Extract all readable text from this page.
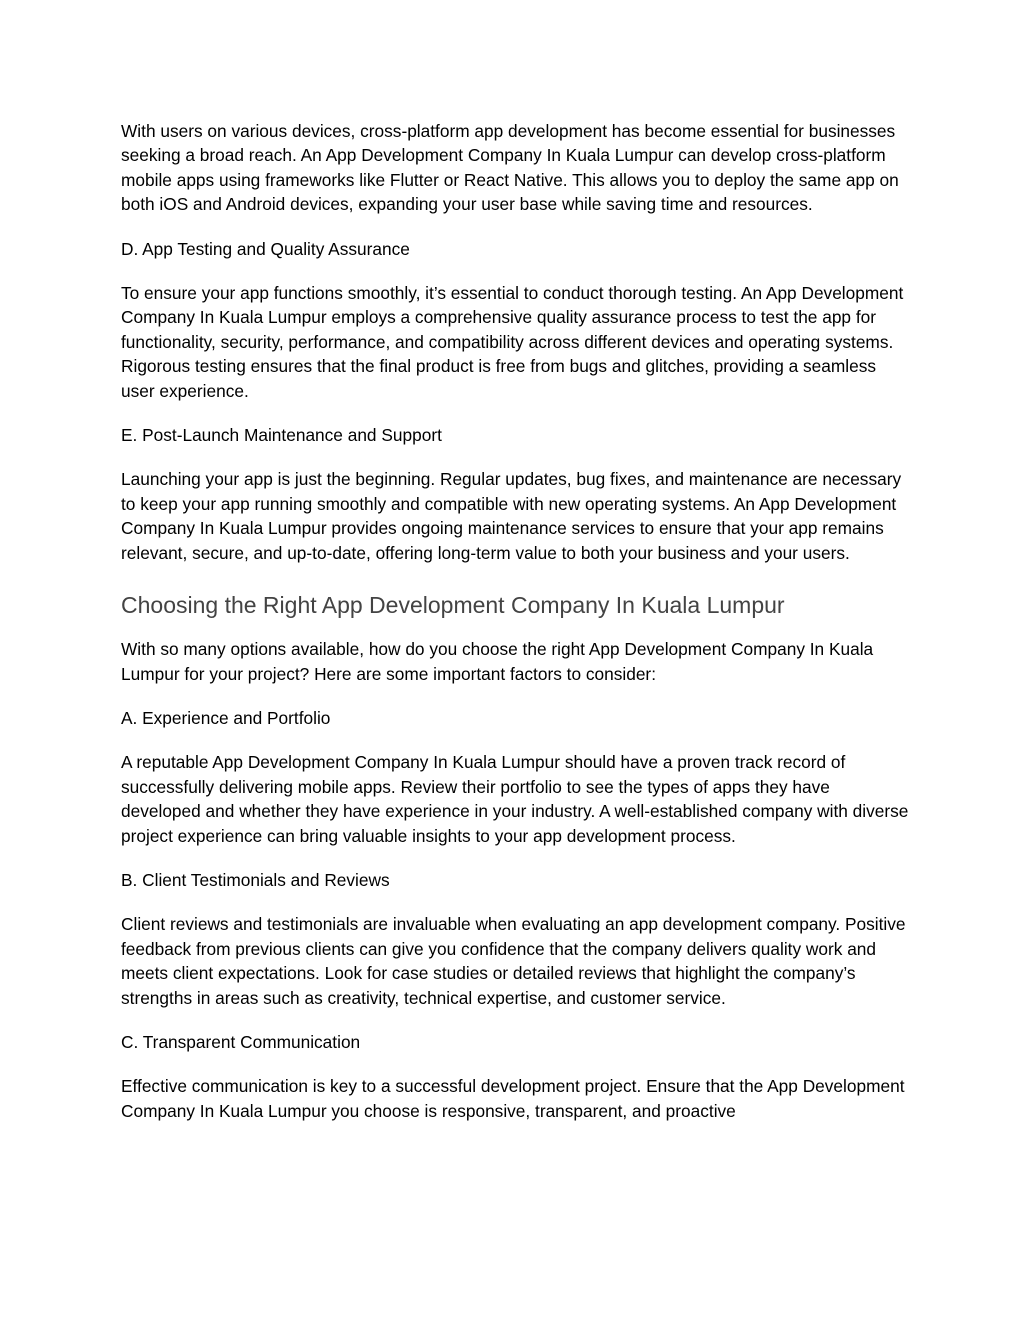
With users on various devices, cross-platform app development has become essential for businesses seeking a broad reach. An App Development Company In Kuala Lumpur can develop cross-platform mobile apps using frameworks like Flutter or React Native. This allows you to deploy the same app on both iOS and Android devices, expanding your user base while saving time and resources.

D. App Testing and Quality Assurance

To ensure your app functions smoothly, it’s essential to conduct thorough testing. An App Development Company In Kuala Lumpur employs a comprehensive quality assurance process to test the app for functionality, security, performance, and compatibility across different devices and operating systems. Rigorous testing ensures that the final product is free from bugs and glitches, providing a seamless user experience.

E. Post-Launch Maintenance and Support

Launching your app is just the beginning. Regular updates, bug fixes, and maintenance are necessary to keep your app running smoothly and compatible with new operating systems. An App Development Company In Kuala Lumpur provides ongoing maintenance services to ensure that your app remains relevant, secure, and up-to-date, offering long-term value to both your business and your users.

Choosing the Right App Development Company In Kuala Lumpur

With so many options available, how do you choose the right App Development Company In Kuala Lumpur for your project? Here are some important factors to consider:

A. Experience and Portfolio

A reputable App Development Company In Kuala Lumpur should have a proven track record of successfully delivering mobile apps. Review their portfolio to see the types of apps they have developed and whether they have experience in your industry. A well-established company with diverse project experience can bring valuable insights to your app development process.

B. Client Testimonials and Reviews

Client reviews and testimonials are invaluable when evaluating an app development company. Positive feedback from previous clients can give you confidence that the company delivers quality work and meets client expectations. Look for case studies or detailed reviews that highlight the company’s strengths in areas such as creativity, technical expertise, and customer service.

C. Transparent Communication

Effective communication is key to a successful development project. Ensure that the App Development Company In Kuala Lumpur you choose is responsive, transparent, and proactive
